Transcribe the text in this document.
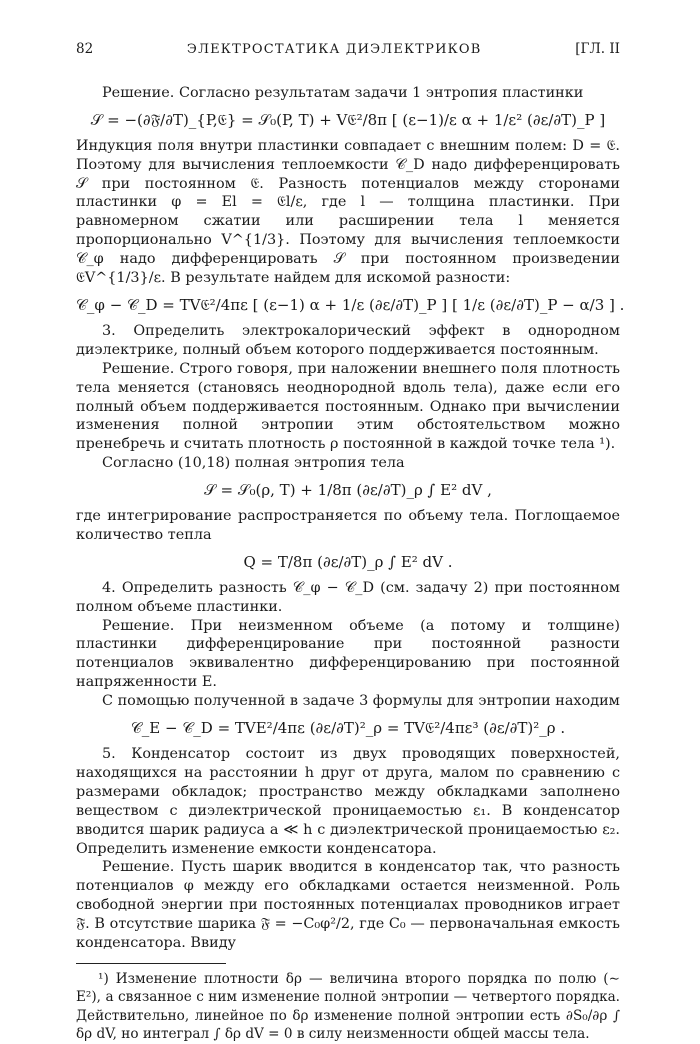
82	ЭЛЕКТРОСТАТИКА ДИЭЛЕКТРИКОВ	[ГЛ. II

Решение. Согласно результатам задачи 1 энтропия пластинки

𝒮 = −(∂𝔉̃/∂T)_{P,𝔈} = 𝒮₀(P, T) + V𝔈²/8π [ (ε−1)/ε α + 1/ε² (∂ε/∂T)_P ]

Индукция поля внутри пластинки совпадает с внешним полем: D = 𝔈. Поэтому для вычисления теплоемкости 𝒞_D надо дифференцировать 𝒮 при постоянном 𝔈. Разность потенциалов между сторонами пластинки φ = El = 𝔈l/ε, где l — толщина пластинки. При равномерном сжатии или расширении тела l меняется пропорционально V^{1/3}. Поэтому для вычисления теплоемкости 𝒞_φ надо дифференцировать 𝒮 при постоянном произведении 𝔈V^{1/3}/ε. В результате найдем для искомой разности:

𝒞_φ − 𝒞_D = TV𝔈²/4πε [ (ε−1) α + 1/ε (∂ε/∂T)_P ] [ 1/ε (∂ε/∂T)_P − α/3 ] .

3. Определить электрокалорический эффект в однородном диэлектрике, полный объем которого поддерживается постоянным.

Решение. Строго говоря, при наложении внешнего поля плотность тела меняется (становясь неоднородной вдоль тела), даже если его полный объем поддерживается постоянным. Однако при вычислении изменения полной энтропии этим обстоятельством можно пренебречь и считать плотность ρ постоянной в каждой точке тела ¹).

Согласно (10,18) полная энтропия тела

𝒮 = 𝒮₀(ρ, T) + 1/8π (∂ε/∂T)_ρ ∫ E² dV ,

где интегрирование распространяется по объему тела. Поглощаемое количество тепла

Q = T/8π (∂ε/∂T)_ρ ∫ E² dV .

4. Определить разность 𝒞_φ − 𝒞_D (см. задачу 2) при постоянном полном объеме пластинки.

Решение. При неизменном объеме (а потому и толщине) пластинки дифференцирование при постоянной разности потенциалов эквивалентно дифференцированию при постоянной напряженности E.

С помощью полученной в задаче 3 формулы для энтропии находим

𝒞_E − 𝒞_D = TVE²/4πε (∂ε/∂T)²_ρ = TV𝔈²/4πε³ (∂ε/∂T)²_ρ .

5. Конденсатор состоит из двух проводящих поверхностей, находящихся на расстоянии h друг от друга, малом по сравнению с размерами обкладок; пространство между обкладками заполнено веществом с диэлектрической проницаемостью ε₁. В конденсатор вводится шарик радиуса a ≪ h с диэлектрической проницаемостью ε₂. Определить изменение емкости конденсатора.

Решение. Пусть шарик вводится в конденсатор так, что разность потенциалов φ между его обкладками остается неизменной. Роль свободной энергии при постоянных потенциалах проводников играет 𝔉̃. В отсутствие шарика 𝔉̃ = −C₀φ²/2, где C₀ — первоначальная емкость конденсатора. Ввиду

¹) Изменение плотности δρ — величина второго порядка по полю (∼ E²), а связанное с ним изменение полной энтропии — четвертого порядка. Действительно, линейное по δρ изменение полной энтропии есть ∂S₀/∂ρ ∫ δρ dV, но интеграл ∫ δρ dV = 0 в силу неизменности общей массы тела.
